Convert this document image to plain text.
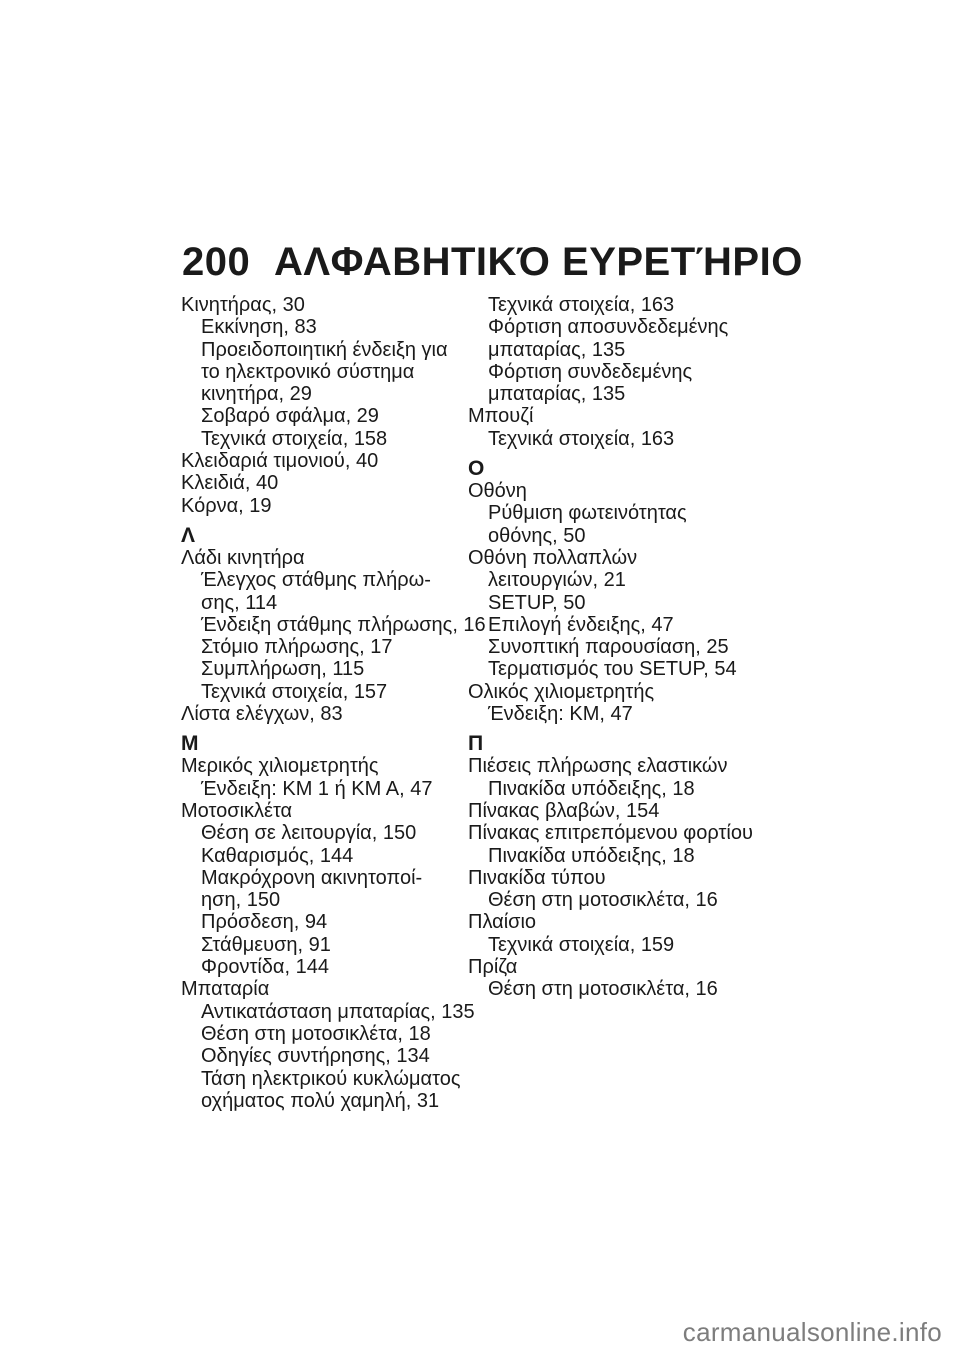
200 ΑΛΦΑΒΗΤΙΚΌ ΕΥΡΕΤΉΡΙΟ
Κινητήρας, 30
Εκκίνηση, 83
Προειδοποιητική ένδειξη για
το ηλεκτρονικό σύστημα
κινητήρα, 29
Σοβαρό σφάλμα, 29
Τεχνικά στοιχεία, 158
Κλειδαριά τιμονιού, 40
Κλειδιά, 40
Κόρνα, 19
Λ
Λάδι κινητήρα
Έλεγχος στάθμης πλήρω-
σης, 114
Ένδειξη στάθμης πλήρωσης, 16
Στόμιο πλήρωσης, 17
Συμπλήρωση, 115
Τεχνικά στοιχεία, 157
Λίστα ελέγχων, 83
Μ
Μερικός χιλιομετρητής
Ένδειξη: KM 1 ή KM A, 47
Μοτοσικλέτα
Θέση σε λειτουργία, 150
Καθαρισμός, 144
Μακρόχρονη ακινητοποί-
ηση, 150
Πρόσδεση, 94
Στάθμευση, 91
Φροντίδα, 144
Μπαταρία
Αντικατάσταση μπαταρίας, 135
Θέση στη μοτοσικλέτα, 18
Οδηγίες συντήρησης, 134
Τάση ηλεκτρικού κυκλώματος
οχήματος πολύ χαμηλή, 31
Τεχνικά στοιχεία, 163
Φόρτιση αποσυνδεδεμένης
μπαταρίας, 135
Φόρτιση συνδεδεμένης
μπαταρίας, 135
Μπουζί
Τεχνικά στοιχεία, 163
Ο
Οθόνη
Ρύθμιση φωτεινότητας
οθόνης, 50
Οθόνη πολλαπλών
λειτουργιών, 21
SETUP, 50
Επιλογή ένδειξης, 47
Συνοπτική παρουσίαση, 25
Τερματισμός του SETUP, 54
Ολικός χιλιομετρητής
Ένδειξη: KM, 47
Π
Πιέσεις πλήρωσης ελαστικών
Πινακίδα υπόδειξης, 18
Πίνακας βλαβών, 154
Πίνακας επιτρεπόμενου φορτίου
Πινακίδα υπόδειξης, 18
Πινακίδα τύπου
Θέση στη μοτοσικλέτα, 16
Πλαίσιο
Τεχνικά στοιχεία, 159
Πρίζα
Θέση στη μοτοσικλέτα, 16
carmanualsonline.info
